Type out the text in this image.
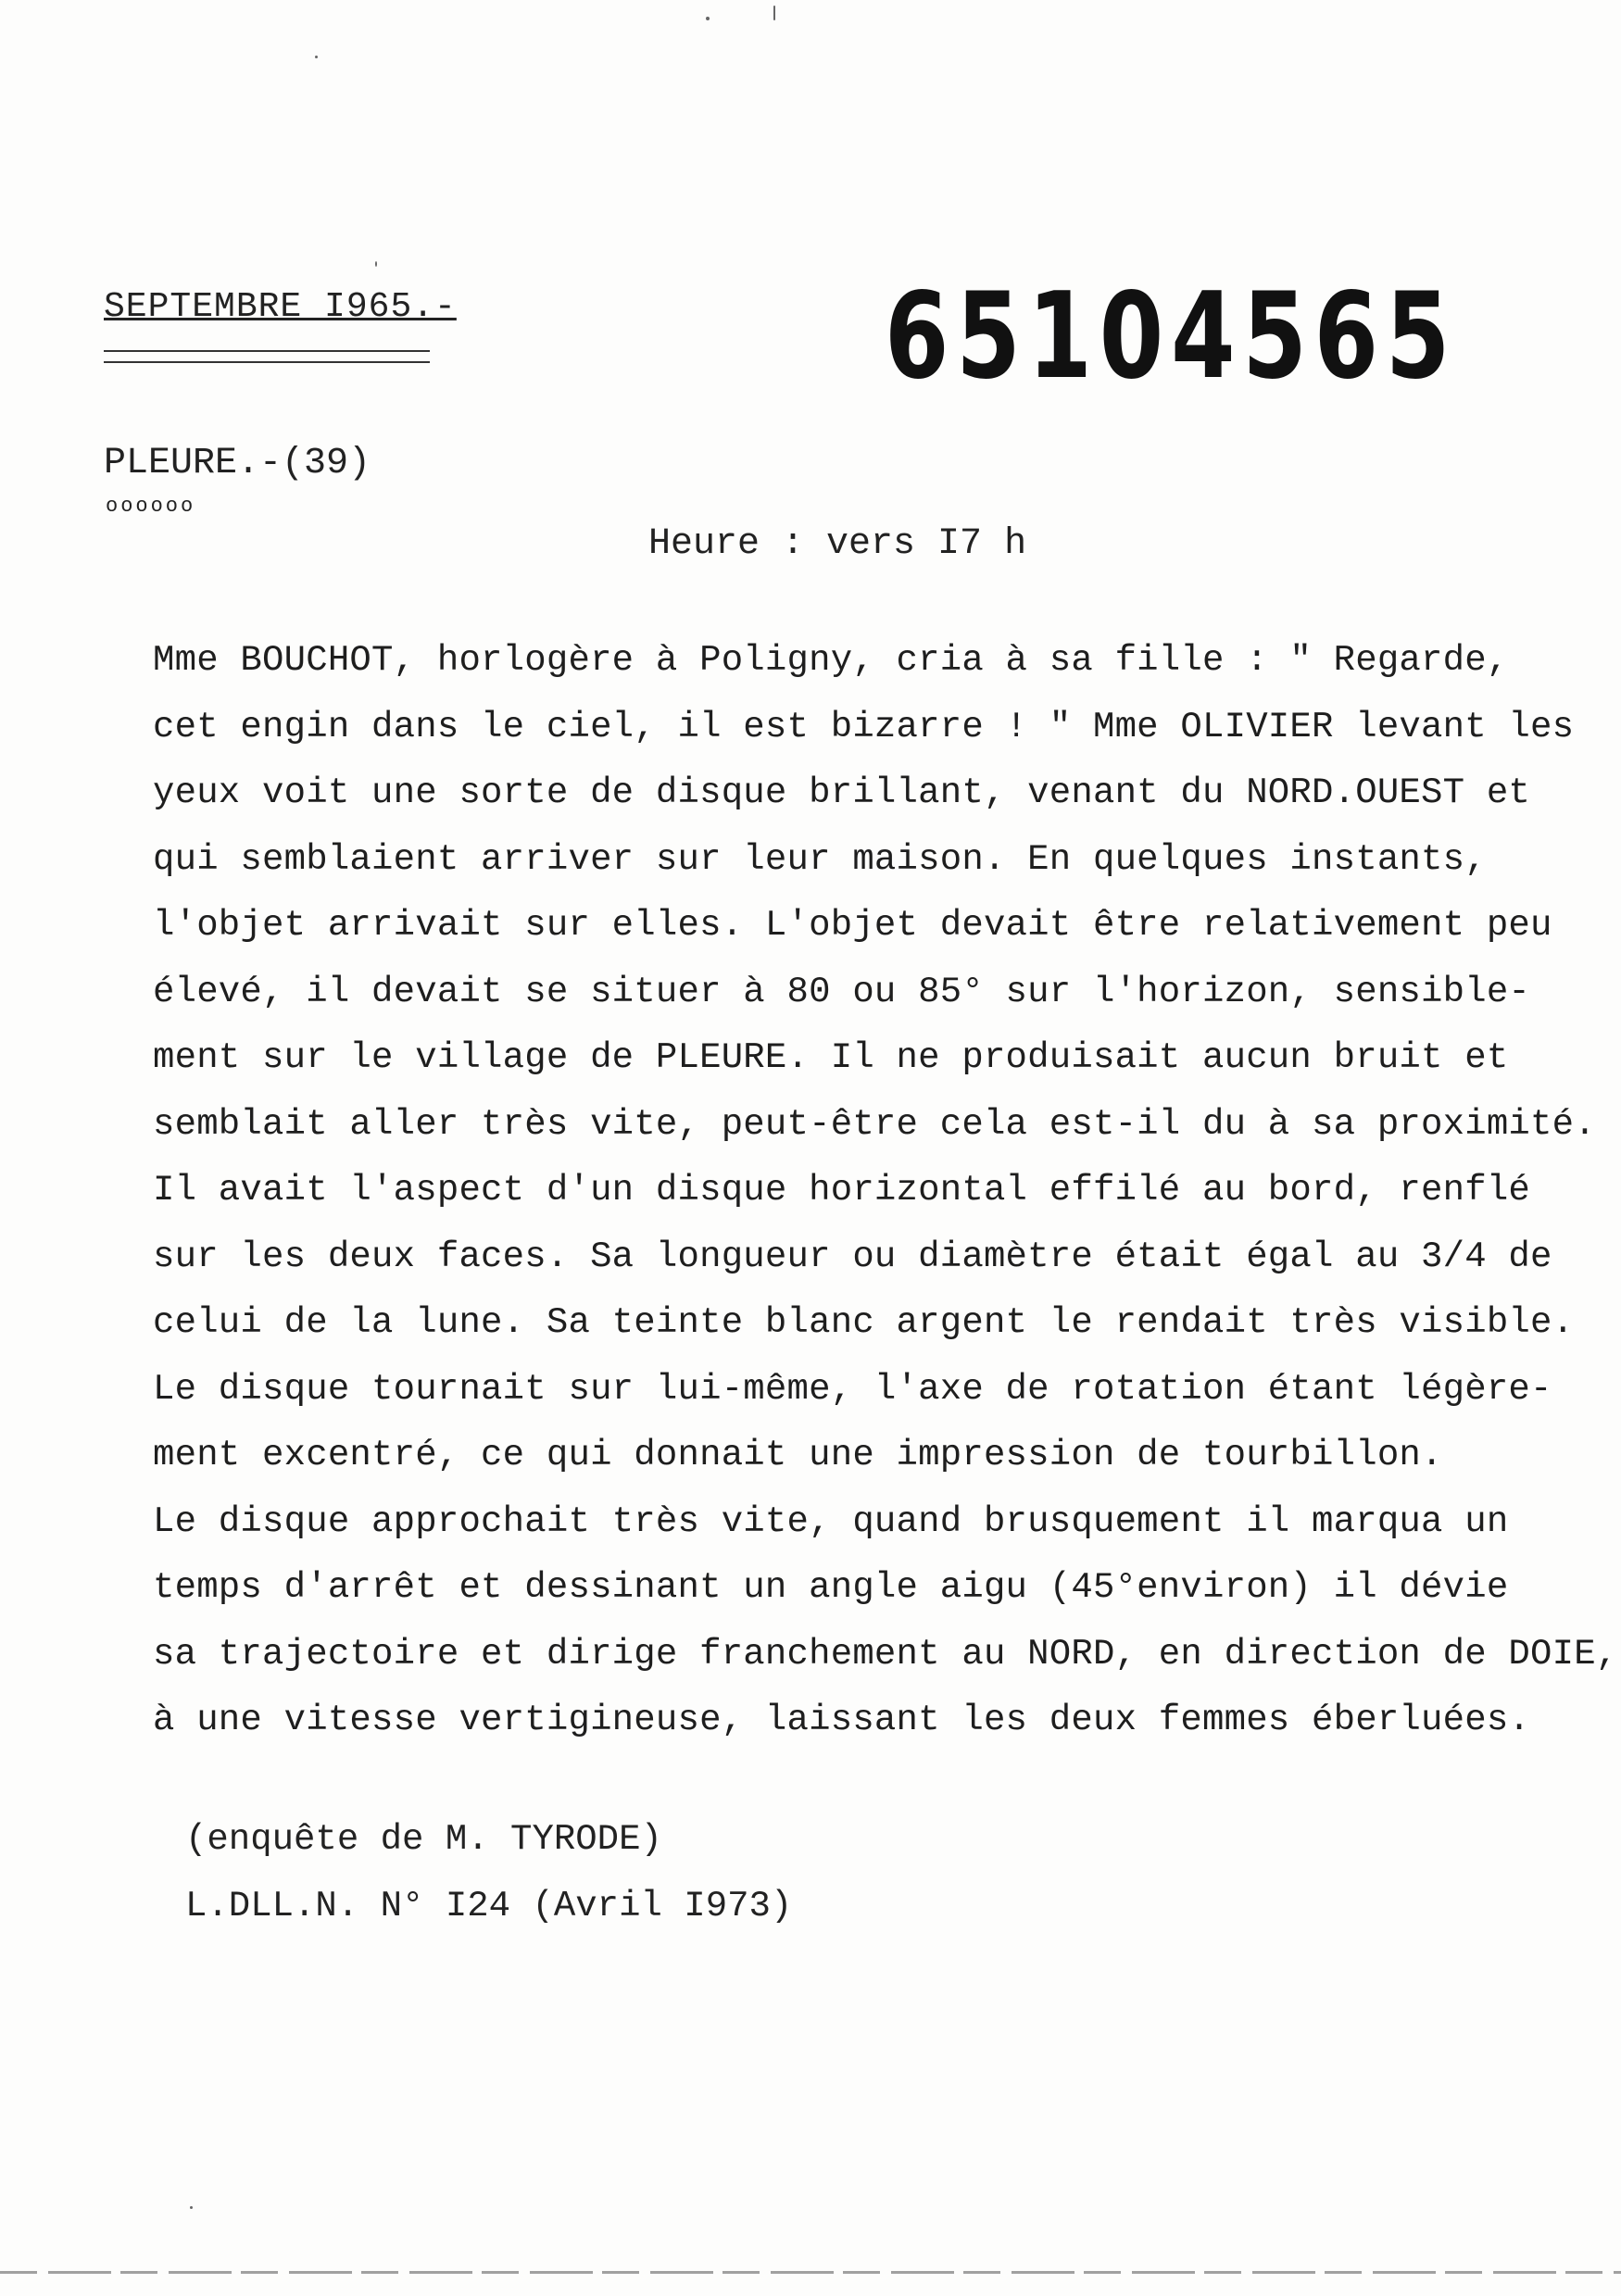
SEPTEMBRE I965.-	65104565
PLEURE.-(39)
oooooo
Heure : vers I7 h
Mme BOUCHOT, horlogère à Poligny, cria à sa fille : " Regarde,
cet engin dans le ciel, il est bizarre ! " Mme OLIVIER levant les
yeux voit une sorte de disque brillant, venant du NORD.OUEST et
qui semblaient arriver sur leur maison. En quelques instants,
l'objet arrivait sur elles. L'objet devait être relativement peu
élevé, il devait se situer à 80 ou 85° sur l'horizon, sensible-
ment sur le village de PLEURE. Il ne produisait aucun bruit et
semblait aller très vite, peut-être cela est-il du à sa proximité.
Il avait l'aspect d'un disque horizontal effilé au bord, renflé
sur les deux faces. Sa longueur ou diamètre était égal au 3/4 de
celui de la lune. Sa teinte blanc argent le rendait très visible.
Le disque tournait sur lui-même, l'axe de rotation étant légère-
ment excentré, ce qui donnait une impression de tourbillon.
Le disque approchait très vite, quand brusquement il marqua un
temps d'arrêt et dessinant un angle aigu (45°environ) il dévie
sa trajectoire et dirige franchement au NORD, en direction de DOIE,
à une vitesse vertigineuse, laissant les deux femmes éberluées.
(enquête de M. TYRODE)
L.DLL.N. N° I24 (Avril I973)
